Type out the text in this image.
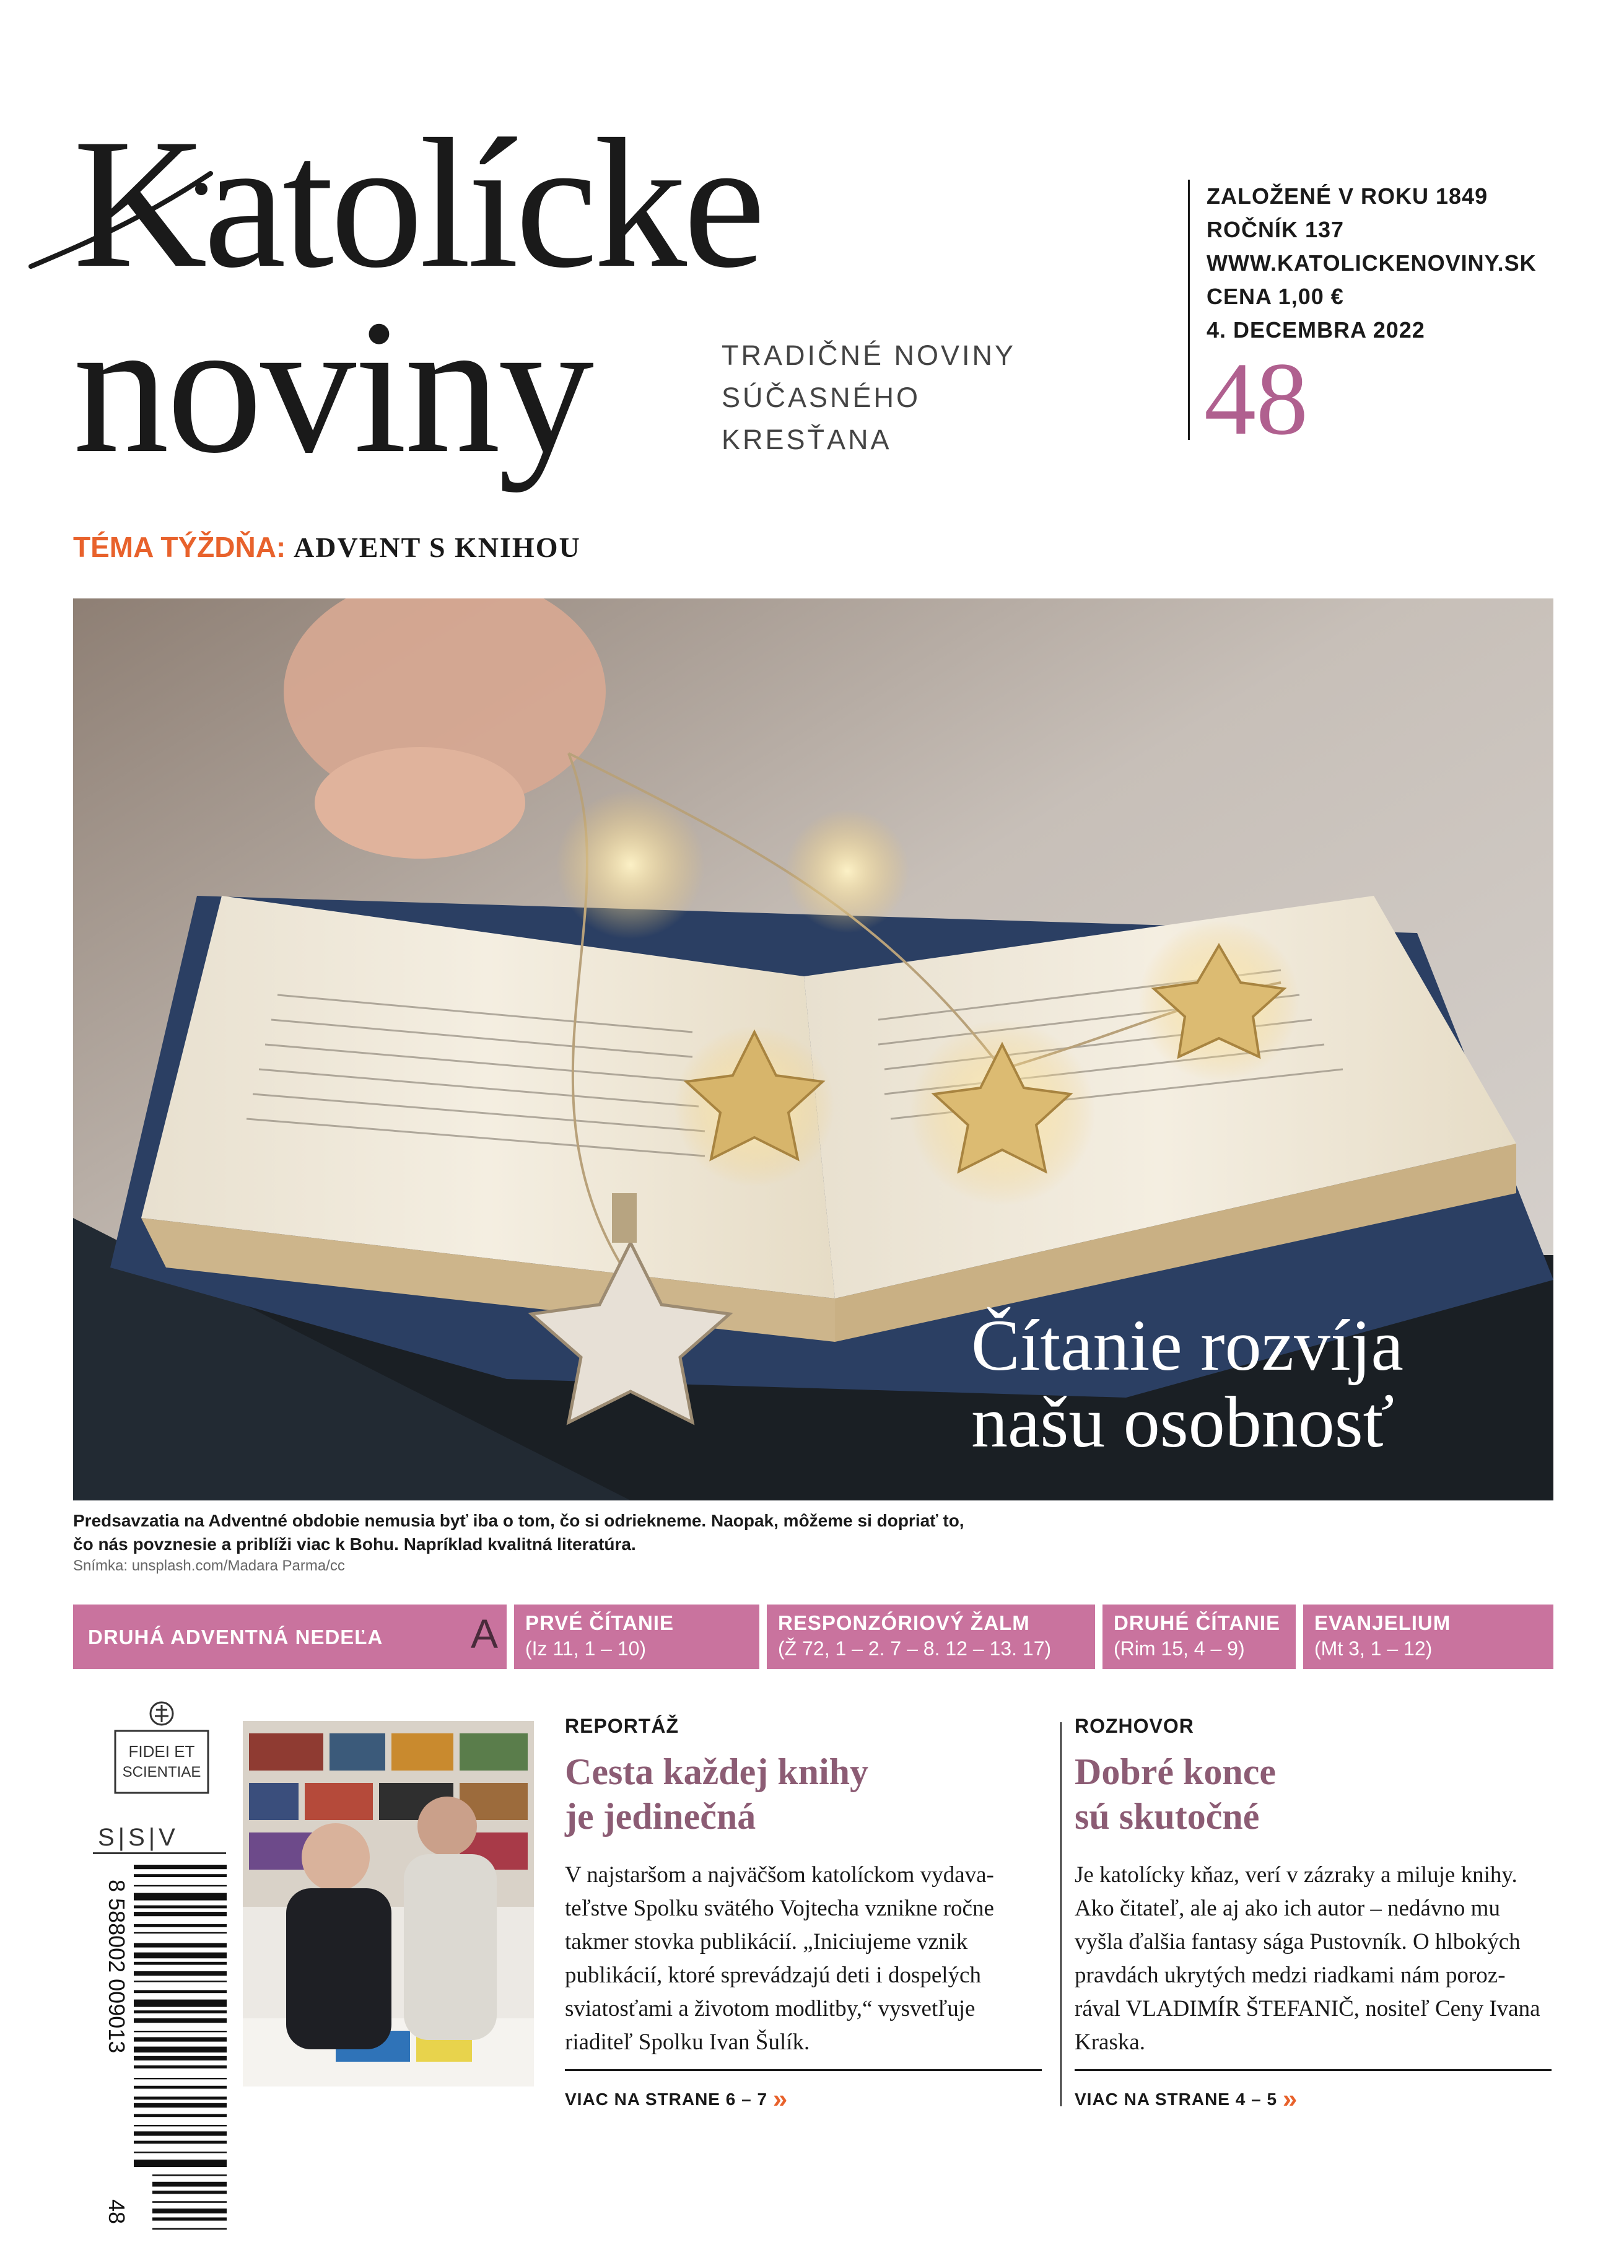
Katolícke
noviny	TRADIČNÉ NOVINY
SÚČASNÉHO
KRESŤANA
ZALOŽENÉ V ROKU 1849
ROČNÍK 137
WWW.KATOLICKENOVINY.SK
CENA 1,00 €
4. DECEMBRA 2022
48
TÉMA TÝŽDŇA: ADVENT S KNIHOU
Čítanie rozvíja
našu osobnosť
Predsavzatia na Adventné obdobie nemusia byť iba o tom, čo si odriekneme. Naopak, môžeme si dopriať to,
čo nás povznesie a priblíži viac k Bohu. Napríklad kvalitná literatúra.
Snímka: unsplash.com/Madara Parma/cc
DRUHÁ ADVENTNÁ NEDEĽA A PRVÉ ČÍTANIE
(Iz 11, 1 – 10)
RESPONZÓRIOVÝ ŽALM
(Ž 72, 1 – 2. 7 – 8. 12 – 13. 17)
DRUHÉ ČÍTANIE
(Rim 15, 4 – 9)
EVANJELIUM
(Mt 3, 1 – 12)
FIDEI ET
SCIENTIAE
S|S|V
8 588002 009013
48
REPORTÁŽ
Cesta každej knihy
je jedinečná
V najstaršom a najväčšom katolíckom vydava-
teľstve Spolku svätého Vojtecha vznikne ročne
takmer stovka publikácií. „Iniciujeme vznik
publikácií, ktoré sprevádzajú deti i dospelých
sviatosťami a životom modlitby,“ vysvetľuje
riaditeľ Spolku Ivan Šulík.
VIAC NA STRANE 6 – 7 »
ROZHOVOR
Dobré konce
sú skutočné
Je katolícky kňaz, verí v zázraky a miluje knihy.
Ako čitateľ, ale aj ako ich autor – nedávno mu
vyšla ďalšia fantasy sága Pustovník. O hlbokých
pravdách ukrytých medzi riadkami nám poroz-
rával VLADIMÍR ŠTEFANIČ, nositeľ Ceny Ivana
Kraska.
VIAC NA STRANE 4 – 5 »
